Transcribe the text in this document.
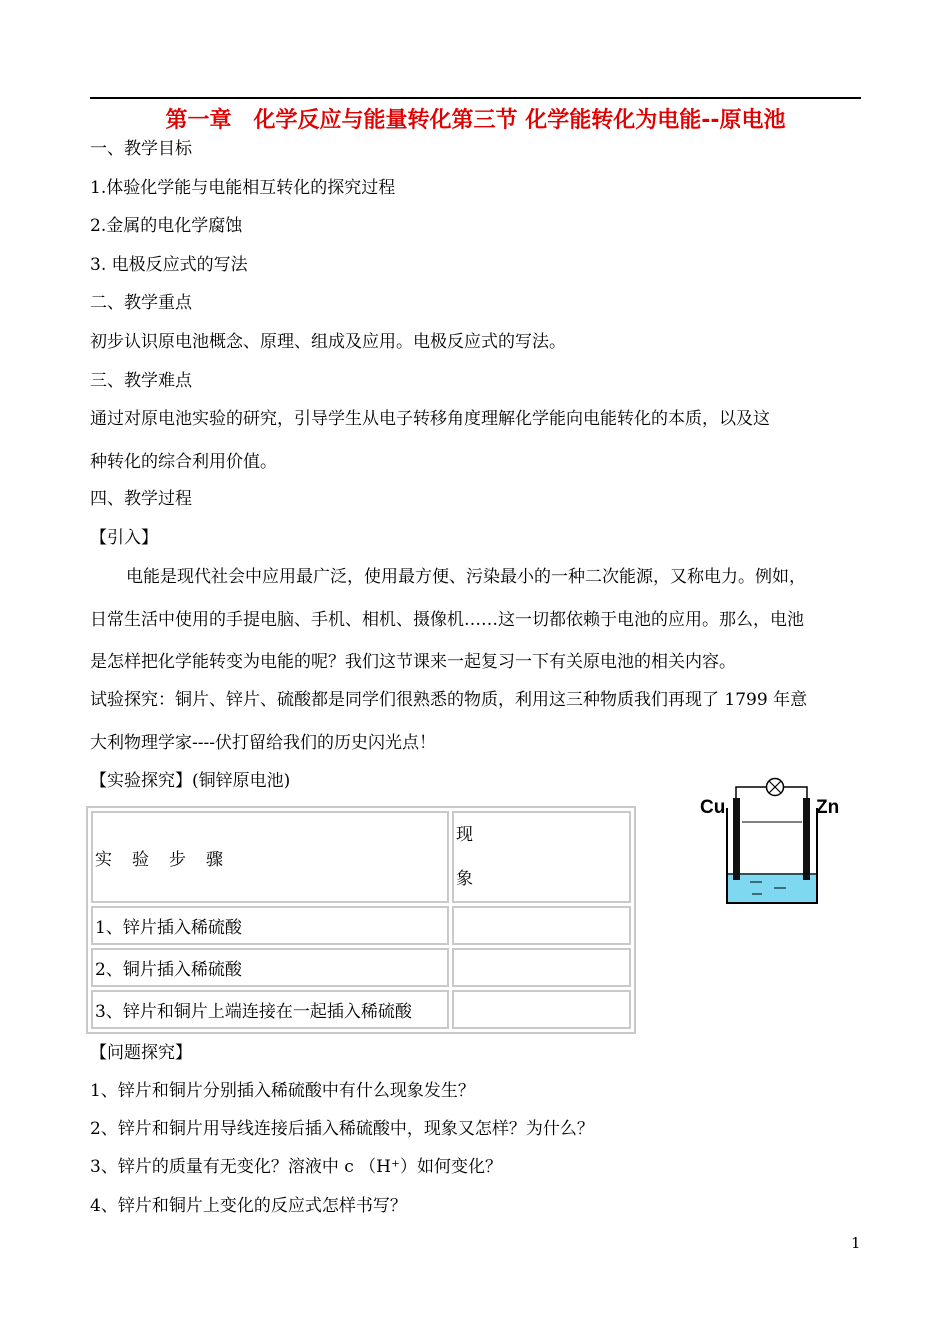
第一章　化学反应与能量转化第三节 化学能转化为电能--原电池
一、教学目标
1.体验化学能与电能相互转化的探究过程
2.金属的电化学腐蚀
3. 电极反应式的写法
二、教学重点
初步认识原电池概念、原理、组成及应用。电极反应式的写法。
三、教学难点
通过对原电池实验的研究，引导学生从电子转移角度理解化学能向电能转化的本质，以及这
种转化的综合利用价值。
四、教学过程
【引入】
电能是现代社会中应用最广泛，使用最方便、污染最小的一种二次能源，又称电力。例如，
日常生活中使用的手提电脑、手机、相机、摄像机……这一切都依赖于电池的应用。那么，电池
是怎样把化学能转变为电能的呢？我们这节课来一起复习一下有关原电池的相关内容。
试验探究：铜片、锌片、硫酸都是同学们很熟悉的物质，利用这三种物质我们再现了 1799 年意
大利物理学家----伏打留给我们的历史闪光点！
【实验探究】(铜锌原电池)
实验步骤	现
象

1、锌片插入稀硫酸	
2、铜片插入稀硫酸	
3、锌片和铜片上端连接在一起插入稀硫酸	
Cu	Zn
【问题探究】
1、锌片和铜片分别插入稀硫酸中有什么现象发生？
2、锌片和铜片用导线连接后插入稀硫酸中，现象又怎样？为什么？
3、锌片的质量有无变化？溶液中 c （H⁺）如何变化？
4、锌片和铜片上变化的反应式怎样书写？
1
